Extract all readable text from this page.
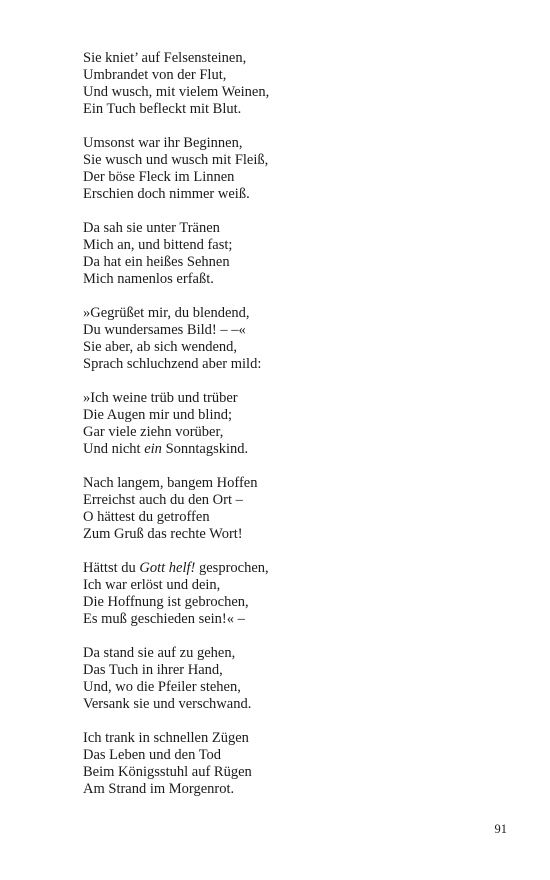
Sie kniet’ auf Felsensteinen,
Umbrandet von der Flut,
Und wusch, mit vielem Weinen,
Ein Tuch befleckt mit Blut.
Umsonst war ihr Beginnen,
Sie wusch und wusch mit Fleiß,
Der böse Fleck im Linnen
Erschien doch nimmer weiß.
Da sah sie unter Tränen
Mich an, und bittend fast;
Da hat ein heißes Sehnen
Mich namenlos erfaßt.
»Gegrüßet mir, du blendend,
Du wundersames Bild! – –«
Sie aber, ab sich wendend,
Sprach schluchzend aber mild:
»Ich weine trüb und trüber
Die Augen mir und blind;
Gar viele ziehn vorüber,
Und nicht ein Sonntagskind.
Nach langem, bangem Hoffen
Erreichst auch du den Ort –
O hättest du getroffen
Zum Gruß das rechte Wort!
Hättst du Gott helf! gesprochen,
Ich war erlöst und dein,
Die Hoffnung ist gebrochen,
Es muß geschieden sein!« –
Da stand sie auf zu gehen,
Das Tuch in ihrer Hand,
Und, wo die Pfeiler stehen,
Versank sie und verschwand.
Ich trank in schnellen Zügen
Das Leben und den Tod
Beim Königsstuhl auf Rügen
Am Strand im Morgenrot.
91
